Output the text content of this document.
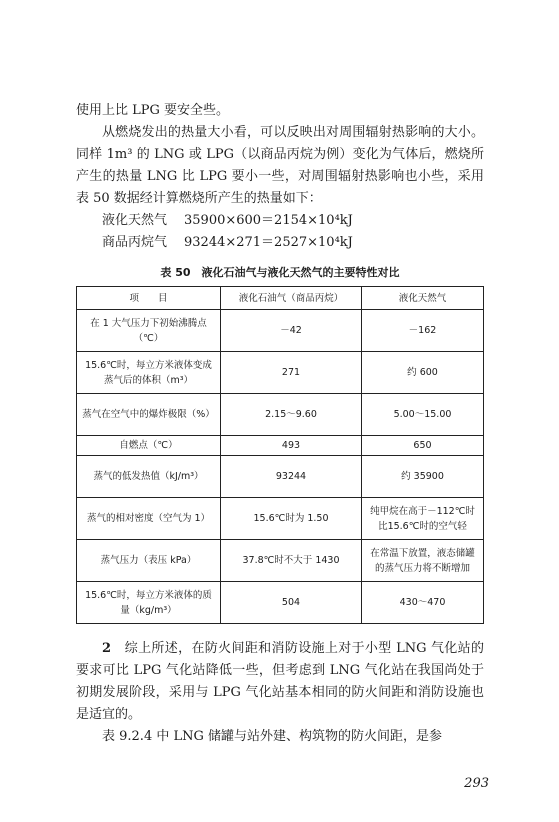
使用上比 LPG 要安全些。

从燃烧发出的热量大小看，可以反映出对周围辐射热影响的大小。同样 1m³ 的 LNG 或 LPG（以商品丙烷为例）变化为气体后，燃烧所产生的热量 LNG 比 LPG 要小一些，对周围辐射热影响也小些，采用表 50 数据经计算燃烧所产生的热量如下：

液化天然气 35900×600＝2154×10⁴kJ

商品丙烷气 93244×271＝2527×10⁴kJ

表 50　液化石油气与液化天然气的主要特性对比
项　　目	液化石油气（商品丙烷）	液化天然气
在 1 大气压力下初始沸腾点（℃）	－42	－162
15.6℃时，每立方米液体变成蒸气后的体积（m³）	271	约 600
蒸气在空气中的爆炸极限（%）	2.15～9.60	5.00～15.00
自燃点（℃）	493	650
蒸气的低发热值（kJ/m³）	93244	约 35900
蒸气的相对密度（空气为 1）	15.6℃时为 1.50	纯甲烷在高于－112℃时比15.6℃时的空气轻
蒸气压力（表压 kPa）	37.8℃时不大于 1430	在常温下放置，液态储罐的蒸气压力将不断增加
15.6℃时，每立方米液体的质量（kg/m³）	504	430～470

2　 综上所述，在防火间距和消防设施上对于小型 LNG 气化站的要求可比 LPG 气化站降低一些，但考虑到 LNG 气化站在我国尚处于初期发展阶段，采用与 LPG 气化站基本相同的防火间距和消防设施也是适宜的。

表 9.2.4 中 LNG 储罐与站外建、构筑物的防火间距，是参

293
